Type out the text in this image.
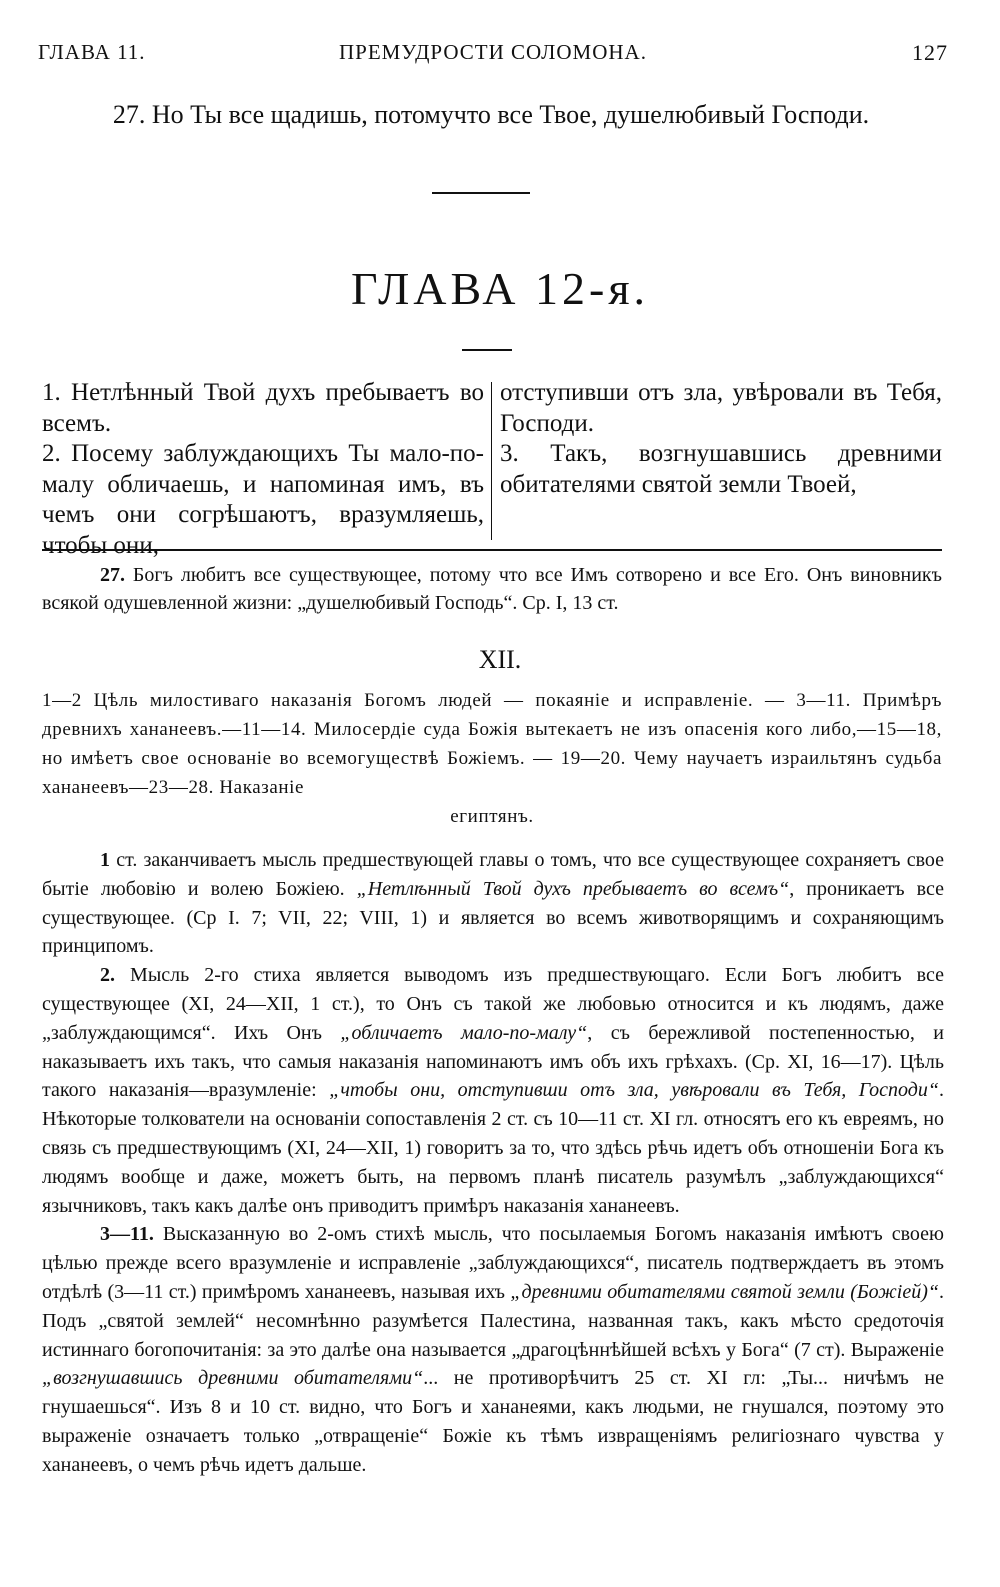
ГЛАВА 11.	ПРЕМУДРОСТИ СОЛОМОНА.	127
27. Но Ты все щадишь, потомучто все Твое, душелюбивый Господи.
ГЛАВА 12-я.

1. Нетлѣнный Твой духъ пребываетъ во всемъ.

2. Посему заблуждающихъ Ты мало-по-малу обличаешь, и напоминая имъ, въ чемъ они согрѣшаютъ, вразумляешь, чтобы они,

отступивши отъ зла, увѣровали въ Тебя, Господи.

3. Такъ, возгнушавшись древними обитателями святой земли Твоей,

27. Богъ любитъ все существующее, потому что все Имъ сотворено и все Его. Онъ виновникъ всякой одушевленной жизни: „душелюбивый Господь“. Ср. I, 13 ст.

XII.

1—2 Цѣль милостиваго наказанія Богомъ людей — покаяніе и исправленіе. — 3—11. Примѣръ древнихъ хананеевъ.—11—14. Милосердіе суда Божія вытекаетъ не изъ опасенія кого либо,—15—18, но имѣетъ свое основаніе во всемогуществѣ Божіемъ. — 19—20. Чему научаетъ израильтянъ судьба хананеевъ—23—28. Наказаніе

египтянъ.

1 ст. заканчиваетъ мысль предшествующей главы о томъ, что все существующее сохраняетъ свое бытіе любовію и волею Божіею. „Нетлѣнный Твой духъ пребываетъ во всемъ“, проникаетъ все существующее. (Ср I. 7; VII, 22; VIII, 1) и является во всемъ животворящимъ и сохраняющимъ принципомъ.

2. Мысль 2-го стиха является выводомъ изъ предшествующаго. Если Богъ любитъ все существующее (XI, 24—XII, 1 ст.), то Онъ съ такой же любовью относится и къ людямъ, даже „заблуждающимся“. Ихъ Онъ „обличаетъ мало-по-малу“, съ бережливой постепенностью, и наказываетъ ихъ такъ, что самыя наказанія напоминаютъ имъ объ ихъ грѣхахъ. (Ср. XI, 16—17). Цѣль такого наказанія—вразумленіе: „чтобы они, отступивши отъ зла, увѣровали въ Тебя, Господи“. Нѣкоторые толкователи на основаніи сопоставленія 2 ст. съ 10—11 ст. XI гл. относятъ его къ евреямъ, но связь съ предшествующимъ (XI, 24—XII, 1) говоритъ за то, что здѣсь рѣчь идетъ объ отношеніи Бога къ людямъ вообще и даже, можетъ быть, на первомъ планѣ писатель разумѣлъ „заблуждающихся“ язычниковъ, такъ какъ далѣе онъ приводитъ примѣръ наказанія хананеевъ.

3—11. Высказанную во 2-омъ стихѣ мысль, что посылаемыя Богомъ наказанія имѣютъ своею цѣлью прежде всего вразумленіе и исправленіе „заблуждающихся“, писатель подтверждаетъ въ этомъ отдѣлѣ (3—11 ст.) примѣромъ хананеевъ, называя ихъ „древними обитателями святой земли (Божіей)“. Подъ „святой землей“ несомнѣнно разумѣется Палестина, названная такъ, какъ мѣсто средоточія истиннаго богопочитанія: за это далѣе она называется „драгоцѣннѣйшей всѣхъ у Бога“ (7 ст). Выраженіе „возгнушавшись древними обитателями“... не противорѣчитъ 25 ст. XI гл: „Ты... ничѣмъ не гнушаешься“. Изъ 8 и 10 ст. видно, что Богъ и хананеями, какъ людьми, не гнушался, поэтому это выраженіе означаетъ только „отвращеніе“ Божіе къ тѣмъ извращеніямъ религіознаго чувства у хананеевъ, о чемъ рѣчь идетъ дальше.
